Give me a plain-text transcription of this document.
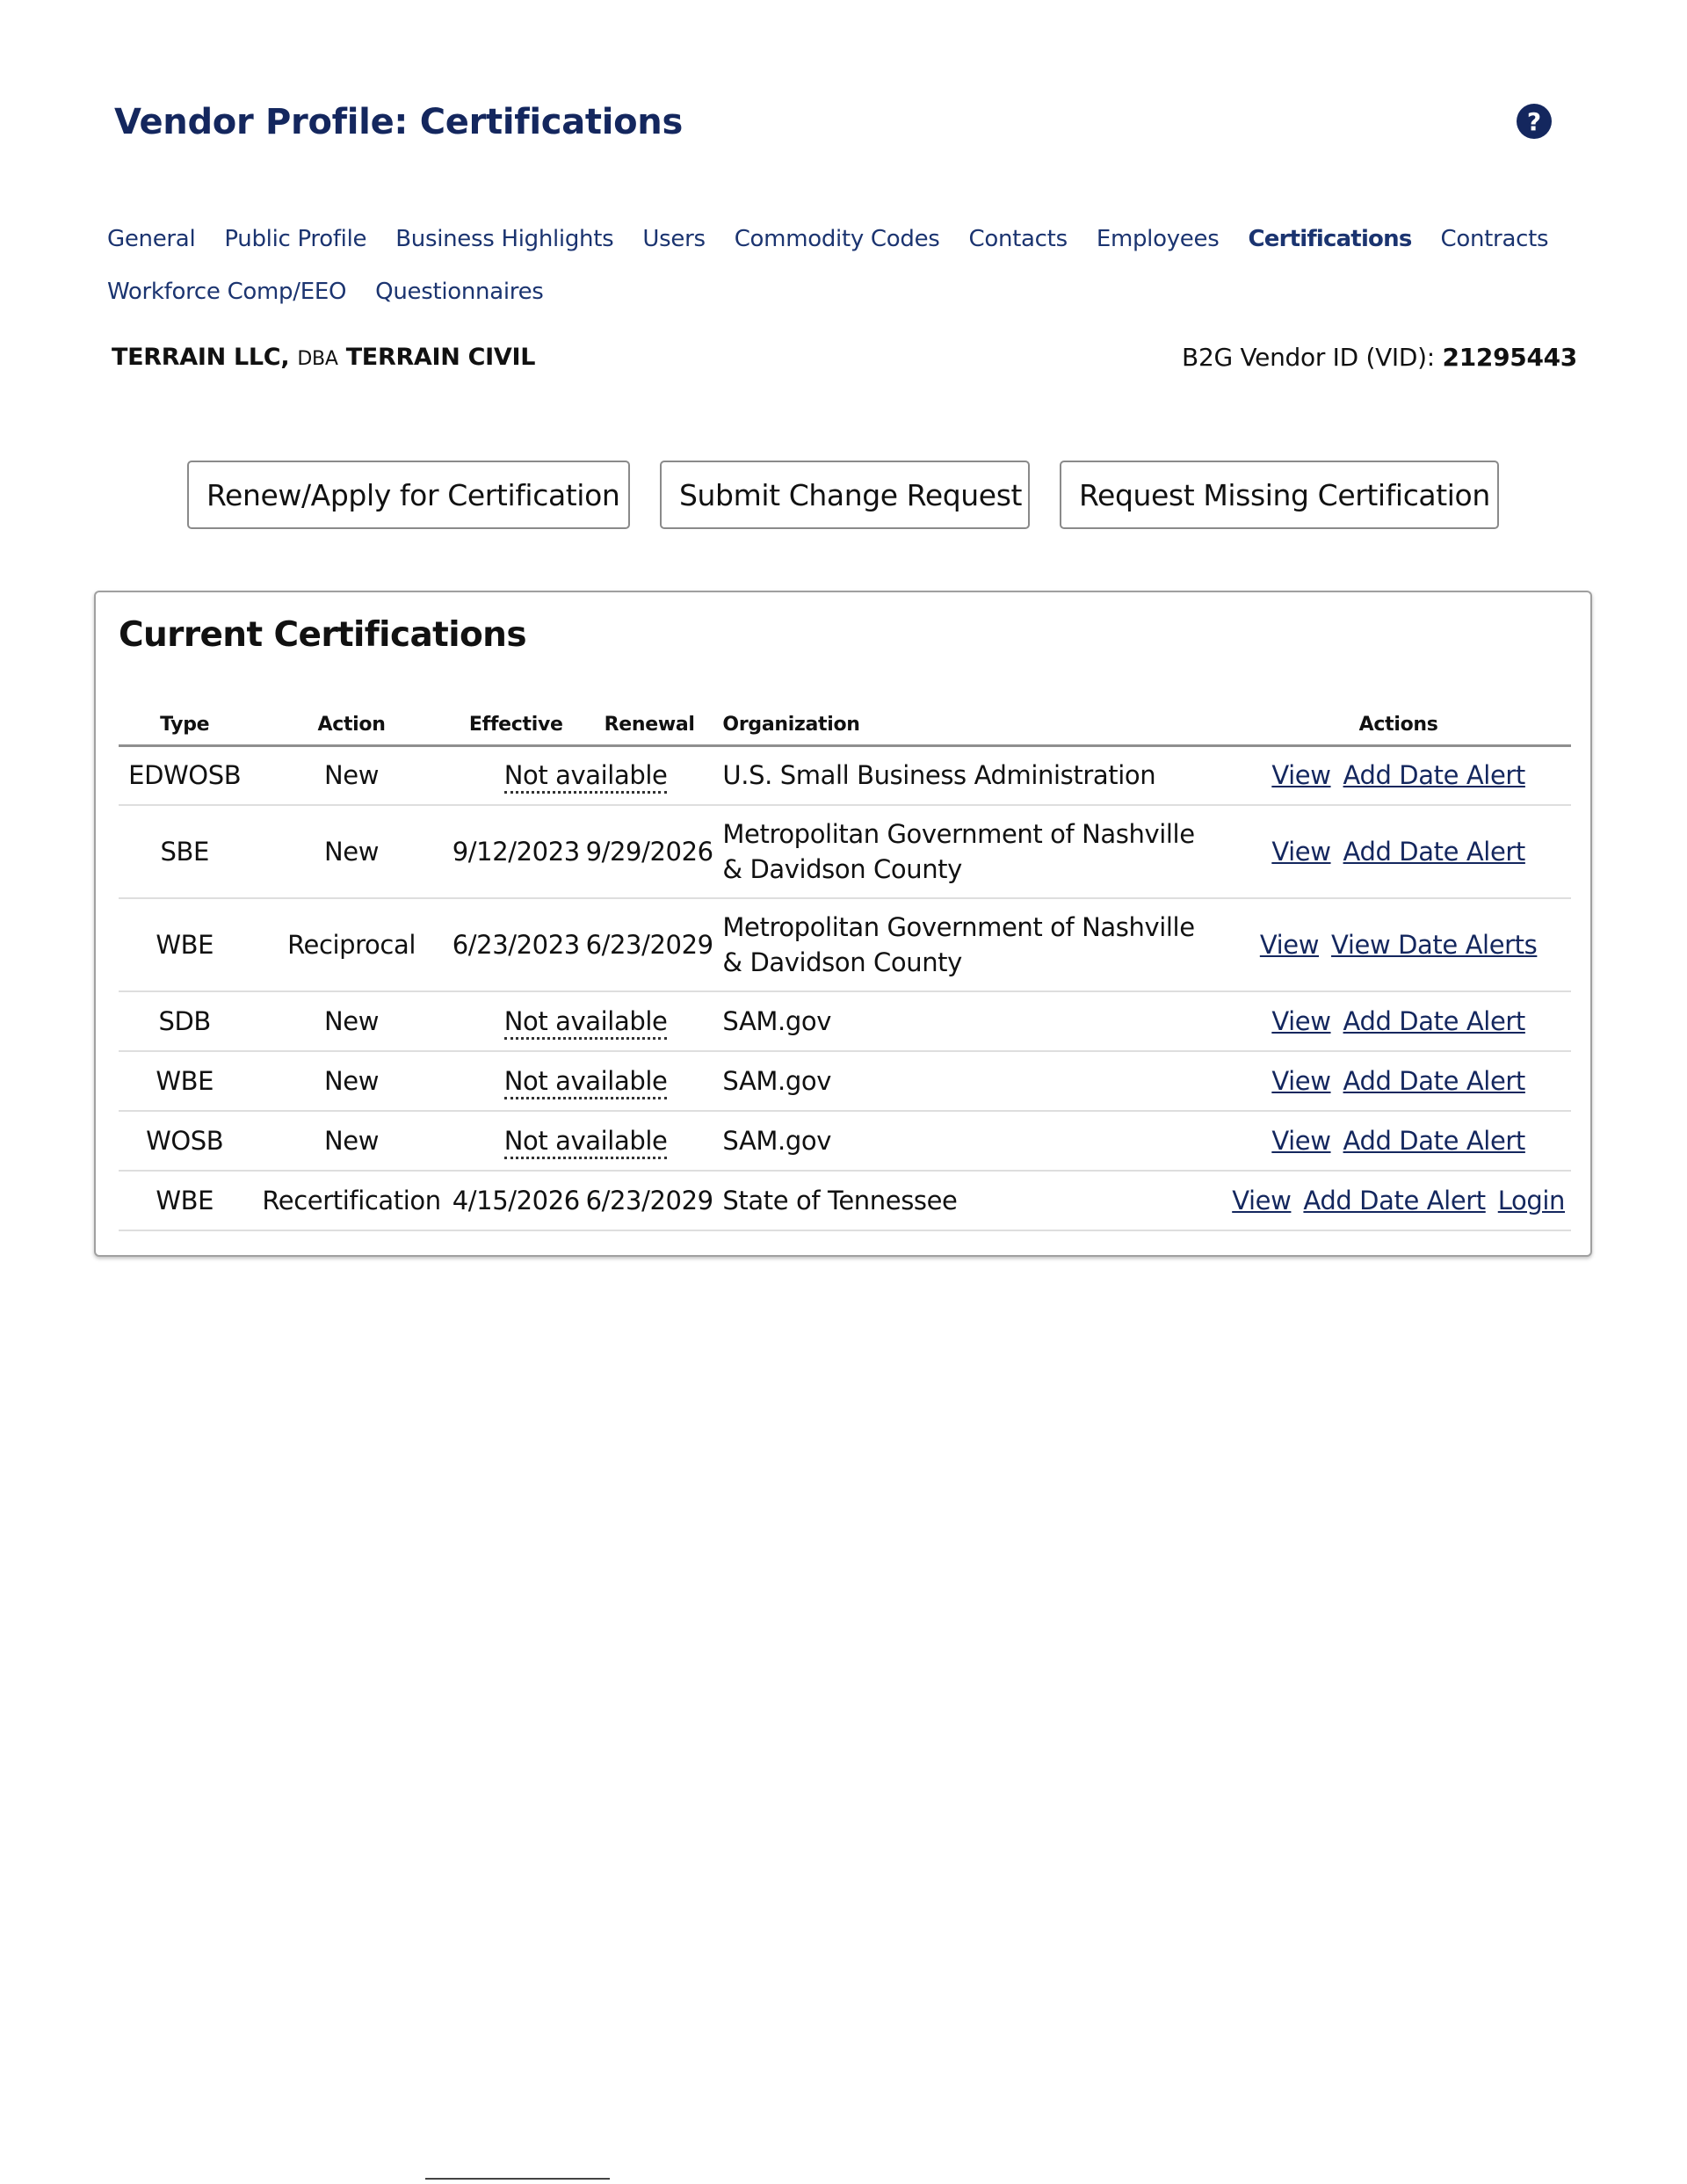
Vendor Profile: Certifications	?
General Public Profile Business Highlights Users Commodity Codes Contacts Employees Certifications Contracts
Workforce Comp/EEO Questionnaires
TERRAIN LLC, DBA TERRAIN CIVIL	B2G Vendor ID (VID): 21295443
Renew/Apply for Certification	Submit Change Request	Request Missing Certification
Current Certifications
Type	Action	Effective	Renewal	Organization	Actions
EDWOSB	New	Not available		U.S. Small Business Administration	View Add Date Alert
SBE	New	9/12/2023	9/29/2026	Metropolitan Government of Nashville & Davidson County	View Add Date Alert
WBE	Reciprocal	6/23/2023	6/23/2029	Metropolitan Government of Nashville & Davidson County	View View Date Alerts
SDB	New	Not available		SAM.gov	View Add Date Alert
WBE	New	Not available		SAM.gov	View Add Date Alert
WOSB	New	Not available		SAM.gov	View Add Date Alert
WBE	Recertification	4/15/2026	6/23/2029	State of Tennessee	View Add Date Alert Login
